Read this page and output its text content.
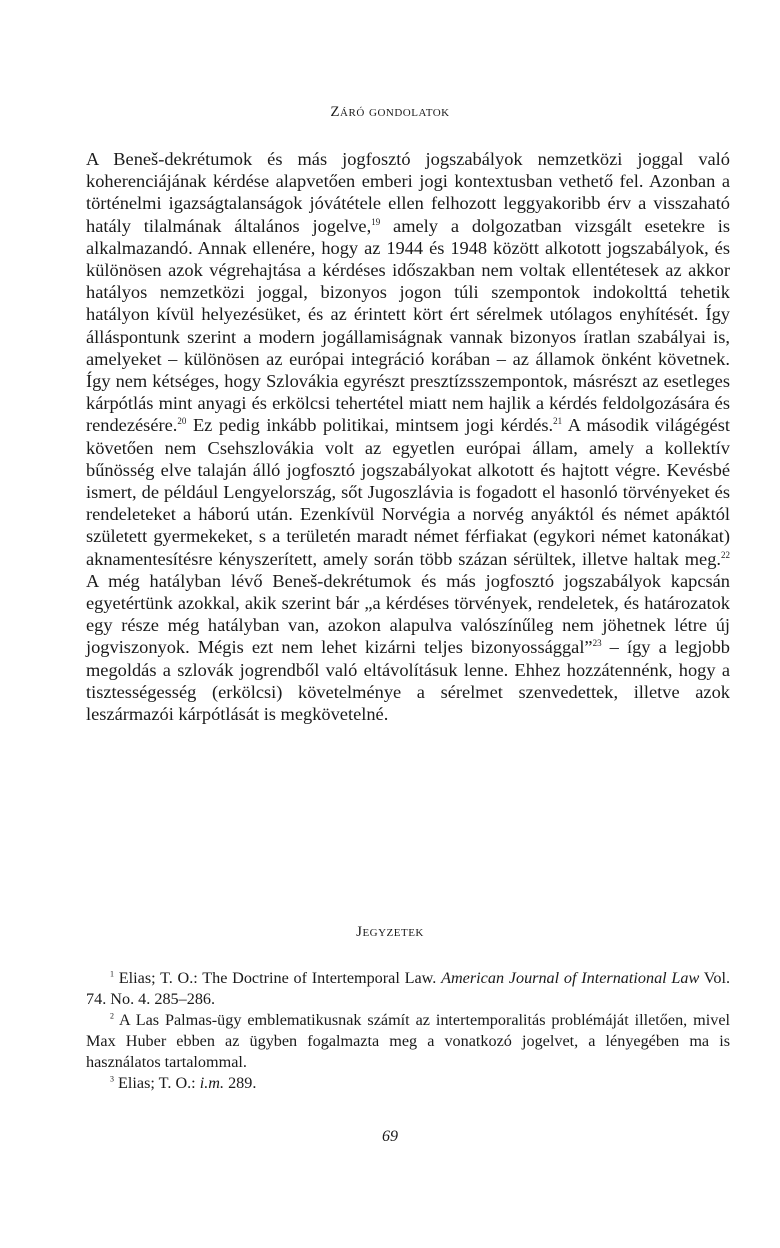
Záró gondolatok

A Beneš-dekrétumok és más jogfosztó jogszabályok nemzetközi joggal való koherenciájának kérdése alapvetően emberi jogi kontextusban vethető fel. Azonban a történelmi igazságtalanságok jóvátétele ellen felhozott leggyakoribb érv a visszaható hatály tilalmának általános jogelve,$^{19}$ amely a dolgozatban vizsgált esetekre is alkalmazandó. Annak ellenére, hogy az 1944 és 1948 között alkotott jogszabályok, és különösen azok végrehajtása a kérdéses időszakban nem voltak ellentétesek az akkor hatályos nemzetközi joggal, bizonyos jogon túli szempontok indokolttá tehetik hatályon kívül helyezésüket, és az érintett kört ért sérelmek utólagos enyhítését. Így álláspontunk szerint a modern jogállamiságnak vannak bizonyos íratlan szabályai is, amelyeket – különösen az európai integráció korában – az államok önként követnek. Így nem kétséges, hogy Szlovákia egyrészt presztízsszempontok, másrészt az esetleges kárpótlás mint anyagi és erkölcsi tehertétel miatt nem hajlik a kérdés feldolgozására és rendezésére.$^{20}$ Ez pedig inkább politikai, mintsem jogi kérdés.$^{21}$ A második világégést követően nem Csehszlovákia volt az egyetlen európai állam, amely a kollektív bűnösség elve talaján álló jogfosztó jogszabályokat alkotott és hajtott végre. Kevésbé ismert, de például Lengyelország, sőt Jugoszlávia is fogadott el hasonló törvényeket és rendeleteket a háború után. Ezenkívül Norvégia a norvég anyáktól és német apáktól született gyermekeket, s a területén maradt német férfiakat (egykori német katonákat) aknamentesítésre kényszerített, amely során több százan sérültek, illetve haltak meg.$^{22}$ A még hatályban lévő Beneš-dekrétumok és más jogfosztó jogszabályok kapcsán egyetértünk azokkal, akik szerint bár „a kérdéses törvények, rendeletek, és határozatok egy része még hatályban van, azokon alapulva valószínűleg nem jöhetnek létre új jogviszonyok. Mégis ezt nem lehet kizárni teljes bizonyossággal”$^{23}$ – így a legjobb megoldás a szlovák jogrendből való eltávolításuk lenne. Ehhez hozzátennénk, hogy a tisztességesség (erkölcsi) követelménye a sérelmet szenvedettek, illetve azok leszármazói kárpótlását is megkövetelné.

Jegyzetek

$^1$ Elias; T. O.: The Doctrine of Intertemporal Law. American Journal of International Law Vol. 74. No. 4. 285–286.

$^2$ A Las Palmas-ügy emblematikusnak számít az intertemporalitás problémáját illetően, mivel Max Huber ebben az ügyben fogalmazta meg a vonatkozó jogelvet, a lényegében ma is használatos tartalommal.

$^3$ Elias; T. O.: i.m. 289.

69
